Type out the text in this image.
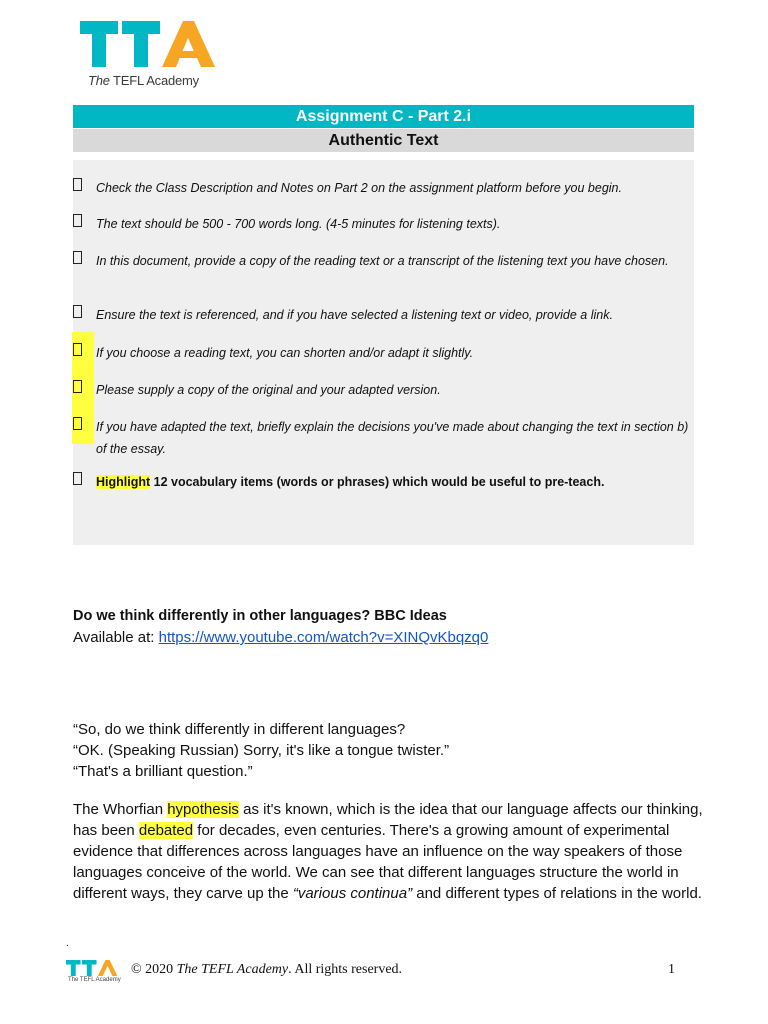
The TEFL Academy
Assignment C - Part 2.i
Authentic Text
Check the Class Description and Notes on Part 2 on the assignment platform before you begin.
The text should be 500 - 700 words long. (4-5 minutes for listening texts).
In this document, provide a copy of the reading text or a transcript of the listening text you have chosen.
Ensure the text is referenced, and if you have selected a listening text or video, provide a link.
If you choose a reading text, you can shorten and/or adapt it slightly.
Please supply a copy of the original and your adapted version.
If you have adapted the text, briefly explain the decisions you've made about changing the text in section b) of the essay.
Highlight 12 vocabulary items (words or phrases) which would be useful to pre-teach.
Do we think differently in other languages? BBC Ideas
Available at: https://www.youtube.com/watch?v=XINQvKbqzq0
“So, do we think differently in different languages?
“OK. (Speaking Russian) Sorry, it's like a tongue twister.”
“That's a brilliant question.”
The Whorfian hypothesis as it's known, which is the idea that our language affects our thinking, has been debated for decades, even centuries. There's a growing amount of experimental evidence that differences across languages have an influence on the way speakers of those languages conceive of the world. We can see that different languages structure the world in different ways, they carve up the “various continua” and different types of relations in the world.
.
The TEFL Academy
© 2020 The TEFL Academy. All rights reserved.	1
